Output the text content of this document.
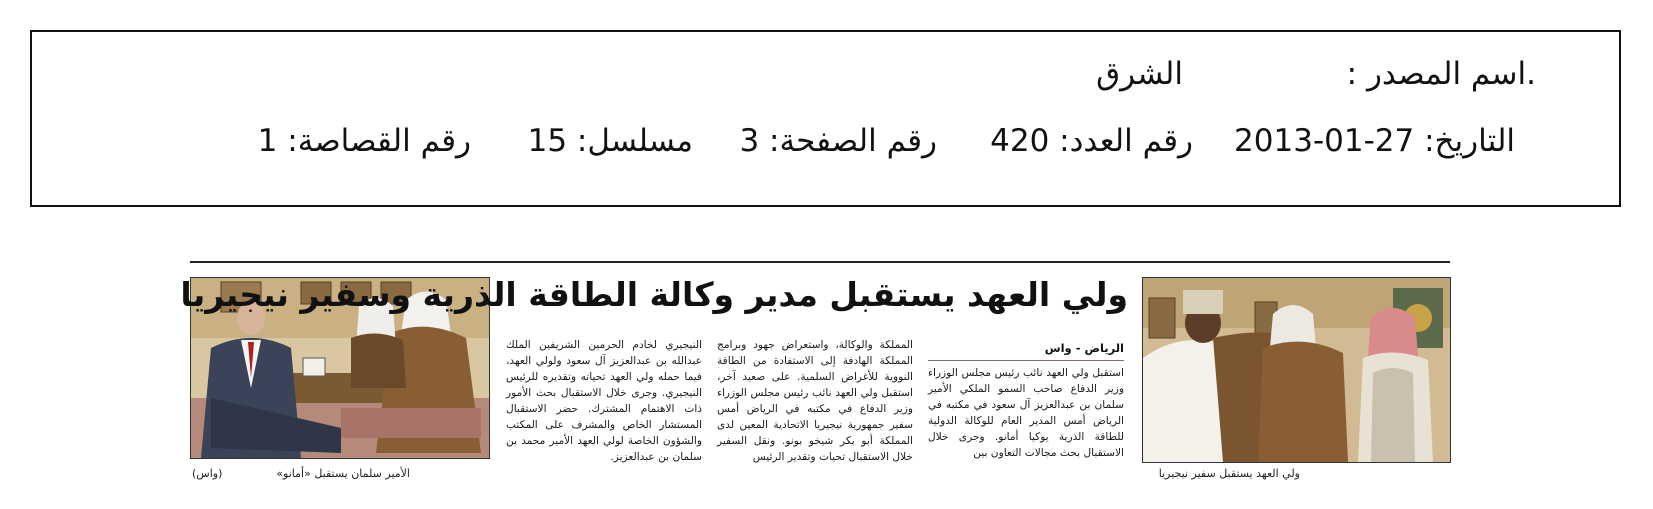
.اسم المصدر :
الشرق
التاريخ: 27-01-2013
رقم العدد: 420
رقم الصفحة: 3
مسلسل: 15
رقم القصاصة: 1
الأمير سلمان يستقبل «أمانو»
(واس)
ولي العهد يستقبل مدير وكالة الطاقة الذرية وسفير نيجيريا
الرياض - واس

استقبل ولي العهد نائب رئيس مجلس الوزراء وزير الدفاع صاحب السمو الملكي الأمير سلمان بن عبدالعزيز آل سعود في مكتبه في الرياض أمس المدير العام للوكالة الدولية للطاقة الذرية يوكيا أمانو. وجرى خلال الاستقبال بحث مجالات التعاون بين

المملكة والوكالة، واستعراض جهود وبرامج المملكة الهادفة إلى الاستفادة من الطاقة النووية للأغراض السلمية. على صعيد آخر، استقبل ولي العهد نائب رئيس مجلس الوزراء وزير الدفاع في مكتبه في الرياض أمس سفير جمهورية نيجيريا الاتحادية المعين لدى المملكة أبو بكر شيخو بونو. ونقل السفير خلال الاستقبال تحيات وتقدير الرئيس

النيجيري لخادم الحرمين الشريفين الملك عبدالله بن عبدالعزيز آل سعود ولولي العهد، فيما حمله ولي العهد تحياته وتقديره للرئيس النيجيري. وجرى خلال الاستقبال بحث الأمور ذات الاهتمام المشترك. حضر الاستقبال المستشار الخاص والمشرف على المكتب والشؤون الخاصة لولي العهد الأمير محمد بن سلمان بن عبدالعزيز.

ولي العهد يستقبل سفير نيجيريا
